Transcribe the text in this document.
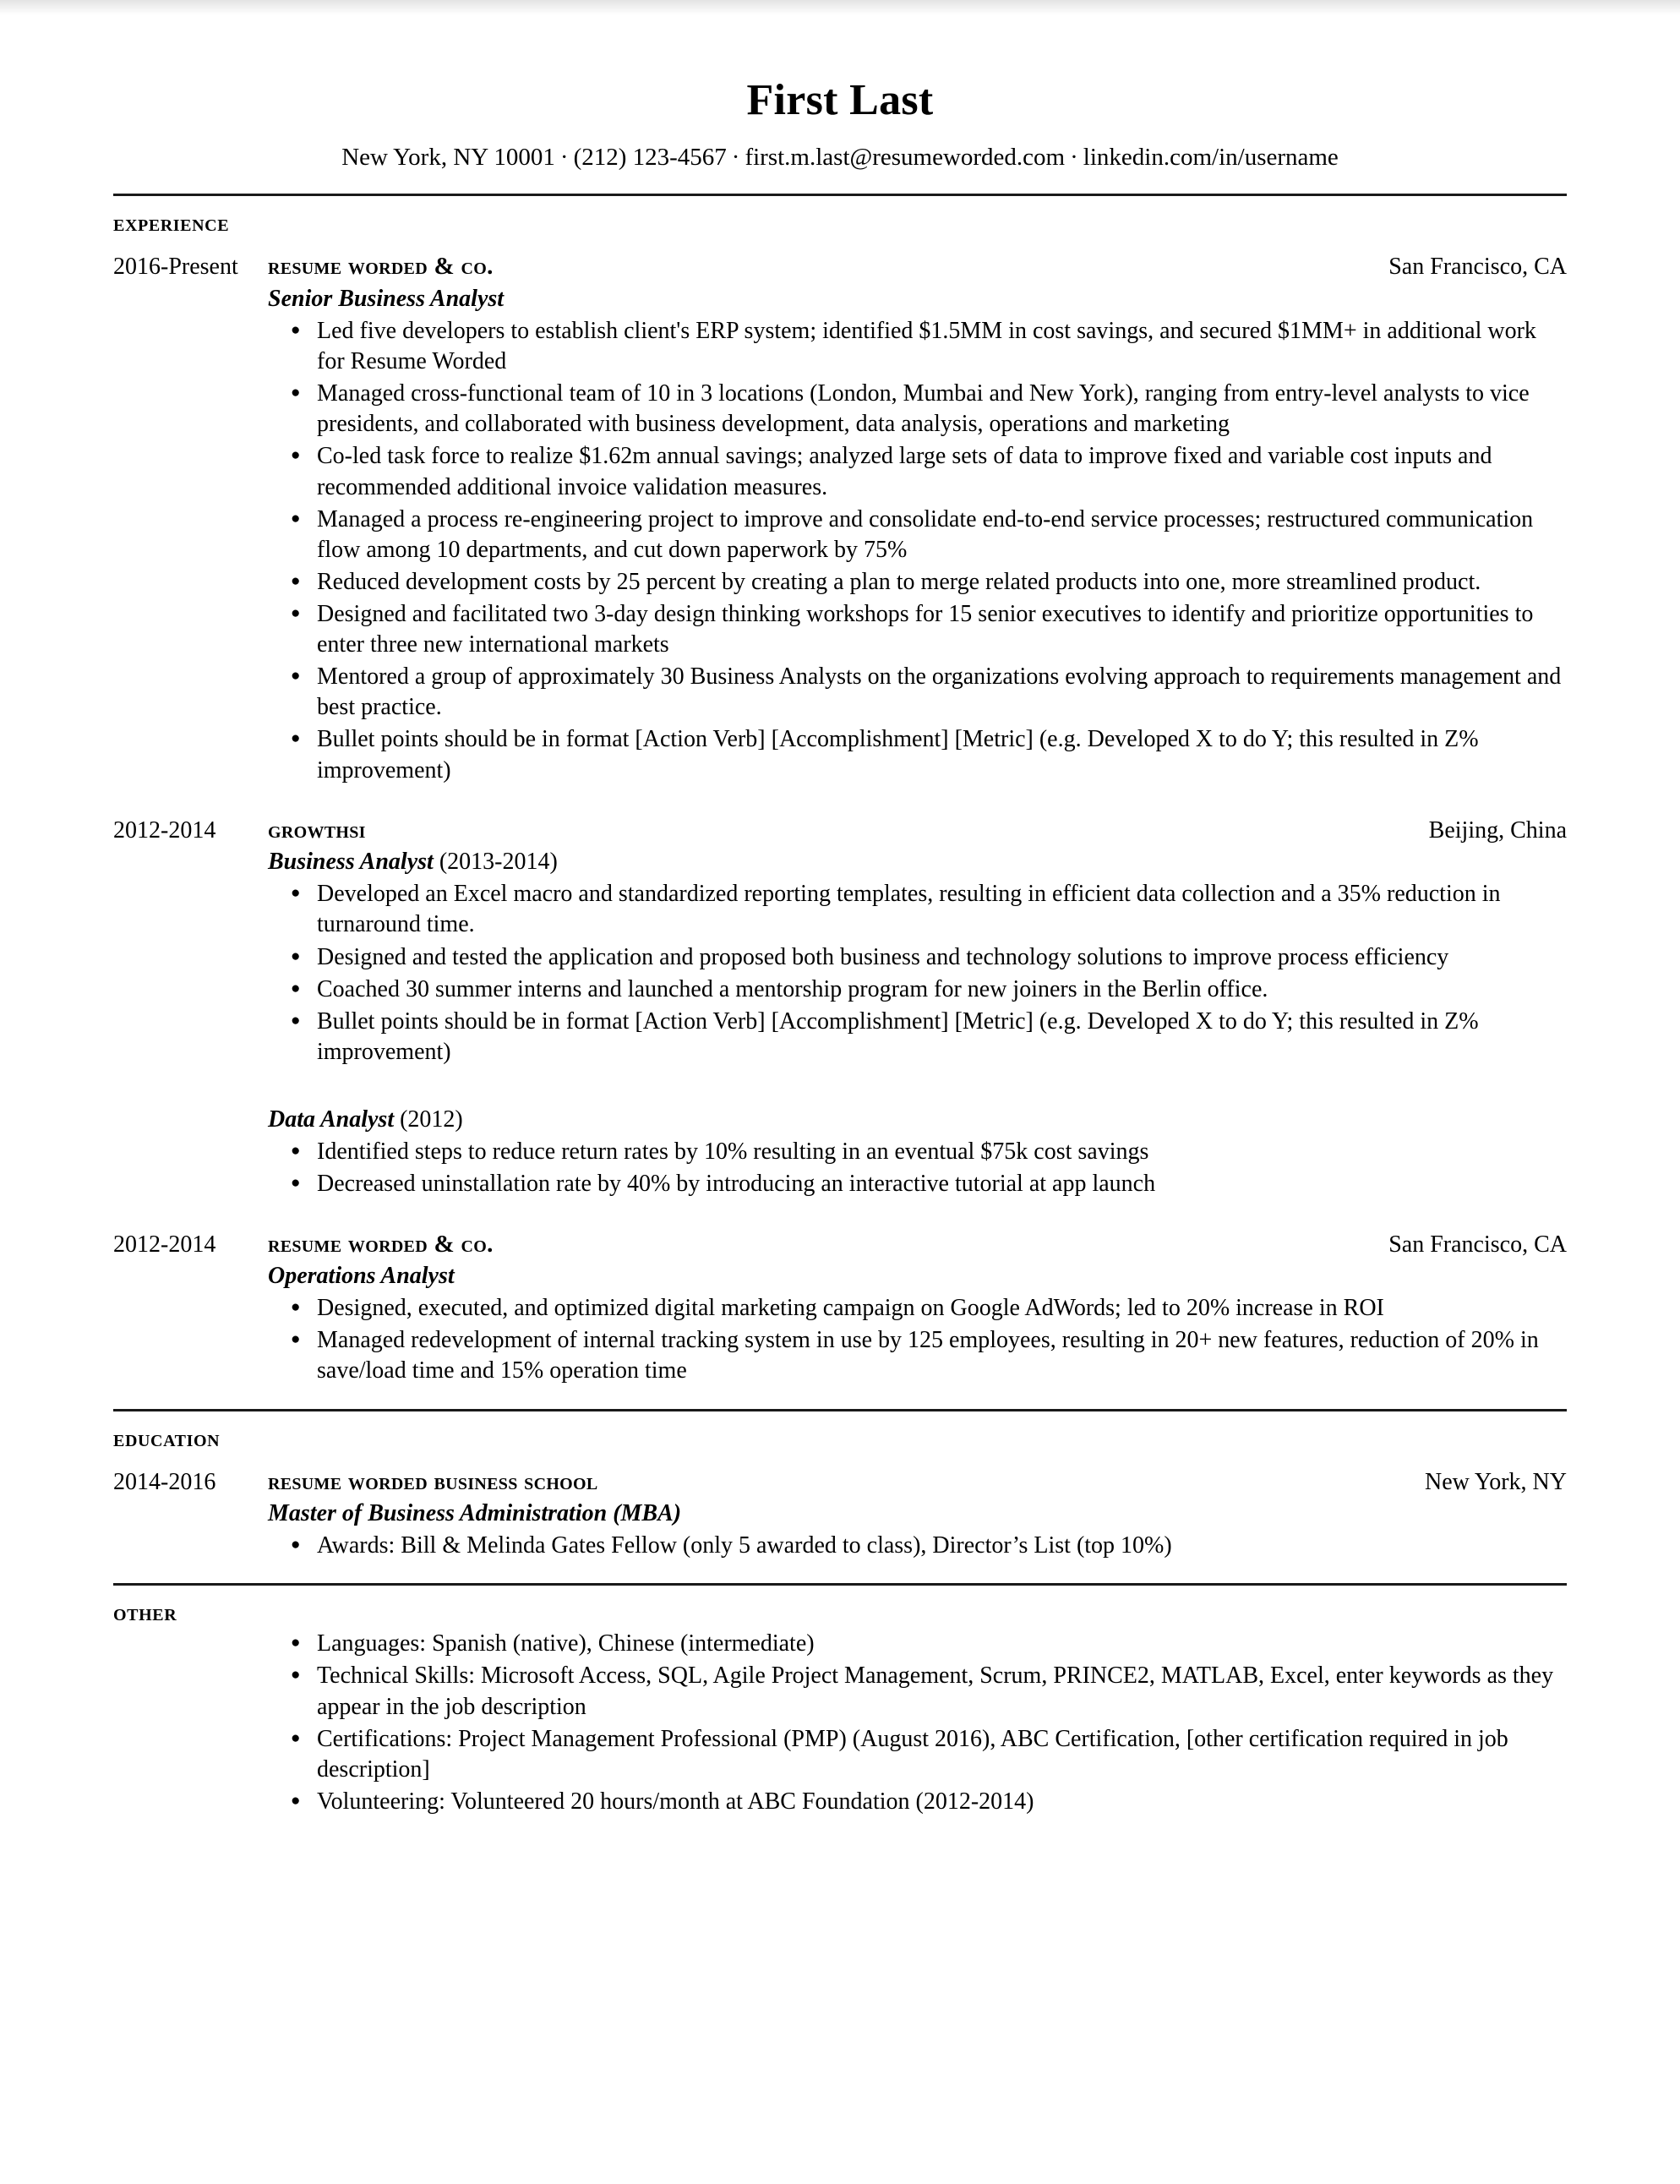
First Last
New York, NY 10001 · (212) 123-4567 · first.m.last@resumeworded.com · linkedin.com/in/username
experience
2016-Present	resume worded & co.	San Francisco, CA
Senior Business Analyst
● Led five developers to establish client's ERP system; identified $1.5MM in cost savings, and secured $1MM+ in additional work for Resume Worded
● Managed cross-functional team of 10 in 3 locations (London, Mumbai and New York), ranging from entry-level analysts to vice presidents, and collaborated with business development, data analysis, operations and marketing
● Co-led task force to realize $1.62m annual savings; analyzed large sets of data to improve fixed and variable cost inputs and recommended additional invoice validation measures.
● Managed a process re-engineering project to improve and consolidate end-to-end service processes; restructured communication flow among 10 departments, and cut down paperwork by 75%
● Reduced development costs by 25 percent by creating a plan to merge related products into one, more streamlined product.
● Designed and facilitated two 3-day design thinking workshops for 15 senior executives to identify and prioritize opportunities to enter three new international markets
● Mentored a group of approximately 30 Business Analysts on the organizations evolving approach to requirements management and best practice.
● Bullet points should be in format [Action Verb] [Accomplishment] [Metric] (e.g. Developed X to do Y; this resulted in Z% improvement)
2012-2014	growthsi	Beijing, China
Business Analyst (2013-2014)
● Developed an Excel macro and standardized reporting templates, resulting in efficient data collection and a 35% reduction in turnaround time.
● Designed and tested the application and proposed both business and technology solutions to improve process efficiency
● Coached 30 summer interns and launched a mentorship program for new joiners in the Berlin office.
● Bullet points should be in format [Action Verb] [Accomplishment] [Metric] (e.g. Developed X to do Y; this resulted in Z% improvement)
Data Analyst (2012)
● Identified steps to reduce return rates by 10% resulting in an eventual $75k cost savings
● Decreased uninstallation rate by 40% by introducing an interactive tutorial at app launch
2012-2014	resume worded & co.	San Francisco, CA
Operations Analyst
● Designed, executed, and optimized digital marketing campaign on Google AdWords; led to 20% increase in ROI
● Managed redevelopment of internal tracking system in use by 125 employees, resulting in 20+ new features, reduction of 20% in save/load time and 15% operation time
education
2014-2016	resume worded business school	New York, NY
Master of Business Administration (MBA)
● Awards: Bill & Melinda Gates Fellow (only 5 awarded to class), Director’s List (top 10%)
other
● Languages: Spanish (native), Chinese (intermediate)
● Technical Skills: Microsoft Access, SQL, Agile Project Management, Scrum, PRINCE2, MATLAB, Excel, enter keywords as they appear in the job description
● Certifications: Project Management Professional (PMP) (August 2016), ABC Certification, [other certification required in job description]
● Volunteering: Volunteered 20 hours/month at ABC Foundation (2012-2014)
